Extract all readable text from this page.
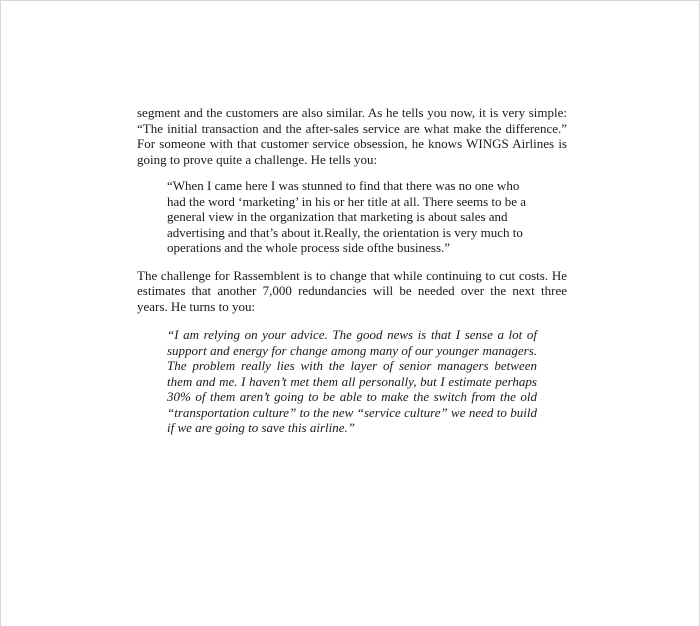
segment and the customers are also similar. As he tells you now, it is very simple: “The initial transaction and the after-sales service are what make the difference.” For someone with that customer service obsession, he knows WINGS Airlines is going to prove quite a challenge. He tells you:

“When I came here I was stunned to find that there was no one who had the word ‘marketing’ in his or her title at all. There seems to be a general view in the organization that marketing is about sales and advertising and that’s about it.Really, the orientation is very much to operations and the whole process side ofthe business.”

The challenge for Rassemblent is to change that while continuing to cut costs. He estimates that another 7,000 redundancies will be needed over the next three years. He turns to you:

“I am relying on your advice. The good news is that I sense a lot of support and energy for change among many of our younger managers. The problem really lies with the layer of senior managers between them and me. I haven’t met them all personally, but I estimate perhaps 30% of them aren’t going to be able to make the switch from the old “transportation culture” to the new “service culture” we need to build if we are going to save this airline.”
